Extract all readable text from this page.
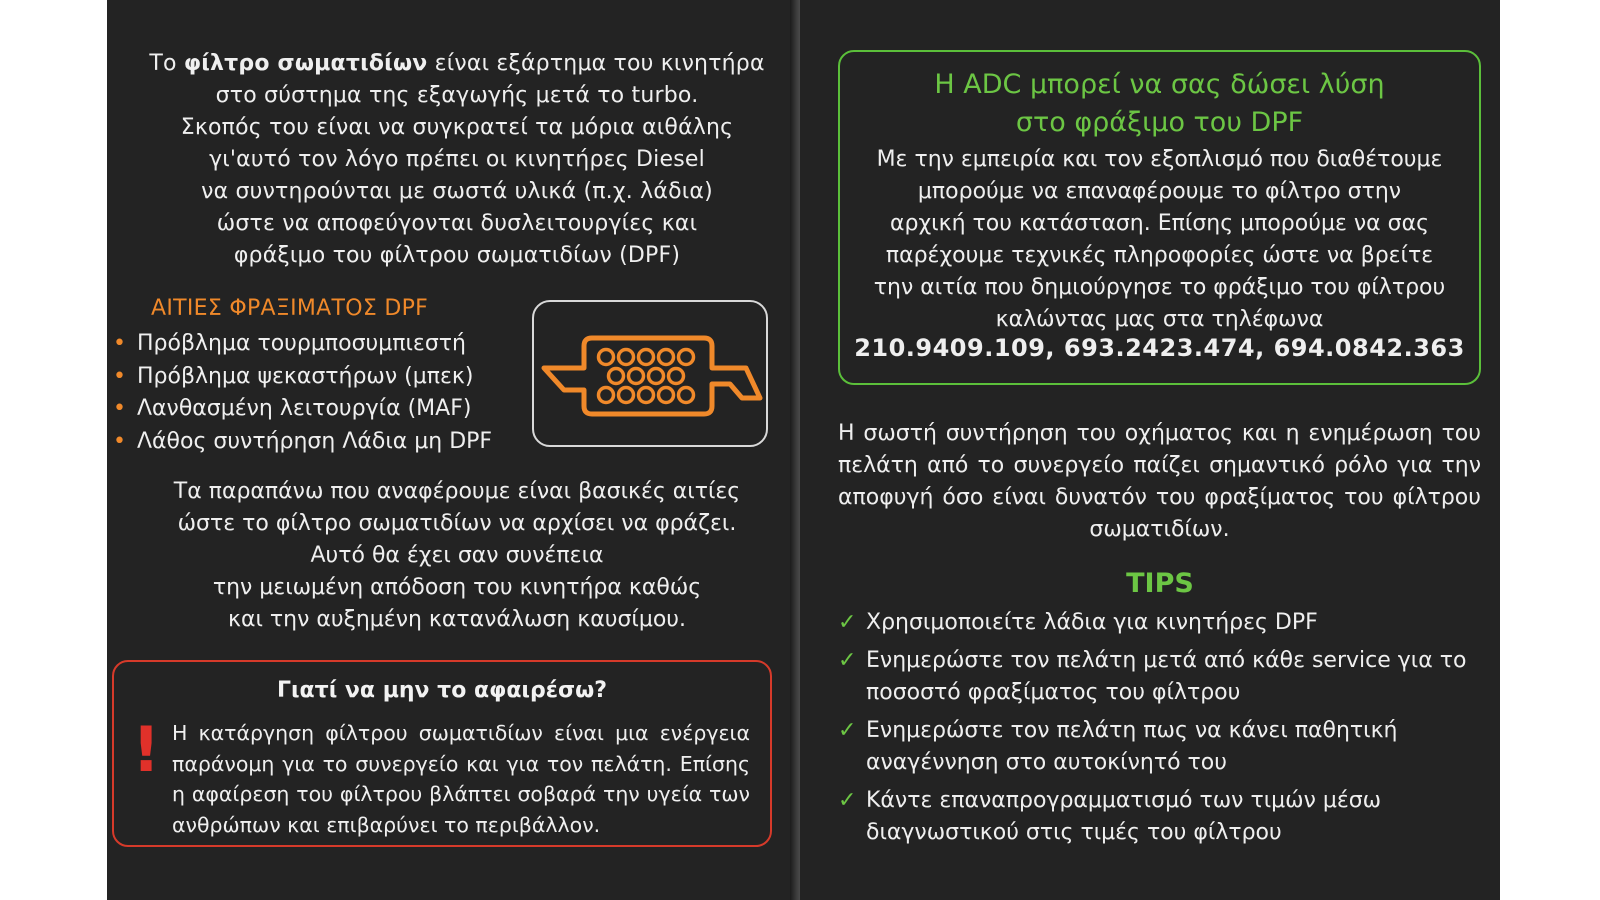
Το φίλτρο σωματιδίων είναι εξάρτημα του κινητήρα
στο σύστημα της εξαγωγής μετά το turbo.
Σκοπός του είναι να συγκρατεί τα μόρια αιθάλης
γι'αυτό τον λόγο πρέπει οι κινητήρες Diesel
να συντηρούνται με σωστά υλικά (π.χ. λάδια)
ώστε να αποφεύγονται δυσλειτουργίες και
φράξιμο του φίλτρου σωματιδίων (DPF)
ΑΙΤΙΕΣ ΦΡΑΞΙΜΑΤΟΣ DPF
• Πρόβλημα τουρμποσυμπιεστή
• Πρόβλημα ψεκαστήρων (μπεκ)
• Λανθασμένη λειτουργία (MAF)
• Λάθος συντήρηση Λάδια μη DPF
Τα παραπάνω που αναφέρουμε είναι βασικές αιτίες
ώστε το φίλτρο σωματιδίων να αρχίσει να φράζει.
Αυτό θα έχει σαν συνέπεια
την μειωμένη απόδοση του κινητήρα καθώς
και την αυξημένη κατανάλωση καυσίμου.
Γιατί να μην το αφαιρέσω?
! Η κατάργηση φίλτρου σωματιδίων είναι μια ενέργεια παράνομη για το συνεργείο και για τον πελάτη. Επίσης η αφαίρεση του φίλτρου βλάπτει σοβαρά την υγεία των ανθρώπων και επιβαρύνει το περιβάλλον.
Η ADC μπορεί να σας δώσει λύση
στο φράξιμο του DPF
Με την εμπειρία και τον εξοπλισμό που διαθέτουμε
μπορούμε να επαναφέρουμε το φίλτρο στην
αρχική του κατάσταση. Επίσης μπορούμε να σας
παρέχουμε τεχνικές πληροφορίες ώστε να βρείτε
την αιτία που δημιούργησε το φράξιμο του φίλτρου
καλώντας μας στα τηλέφωνα
210.9409.109, 693.2423.474, 694.0842.363
Η σωστή συντήρηση του οχήματος και η ενημέρωση του πελάτη από το συνεργείο παίζει σημαντικό ρόλο για την αποφυγή όσο είναι δυνατόν του φραξίματος του φίλτρου σωματιδίων.
TIPS
✓ Χρησιμοποιείτε λάδια για κινητήρες DPF
✓ Ενημερώστε τον πελάτη μετά από κάθε service για το ποσοστό φραξίματος του φίλτρου
✓ Ενημερώστε τον πελάτη πως να κάνει παθητική αναγέννηση στο αυτοκίνητό του
✓ Κάντε επαναπρογραμματισμό των τιμών μέσω διαγνωστικού στις τιμές του φίλτρου
